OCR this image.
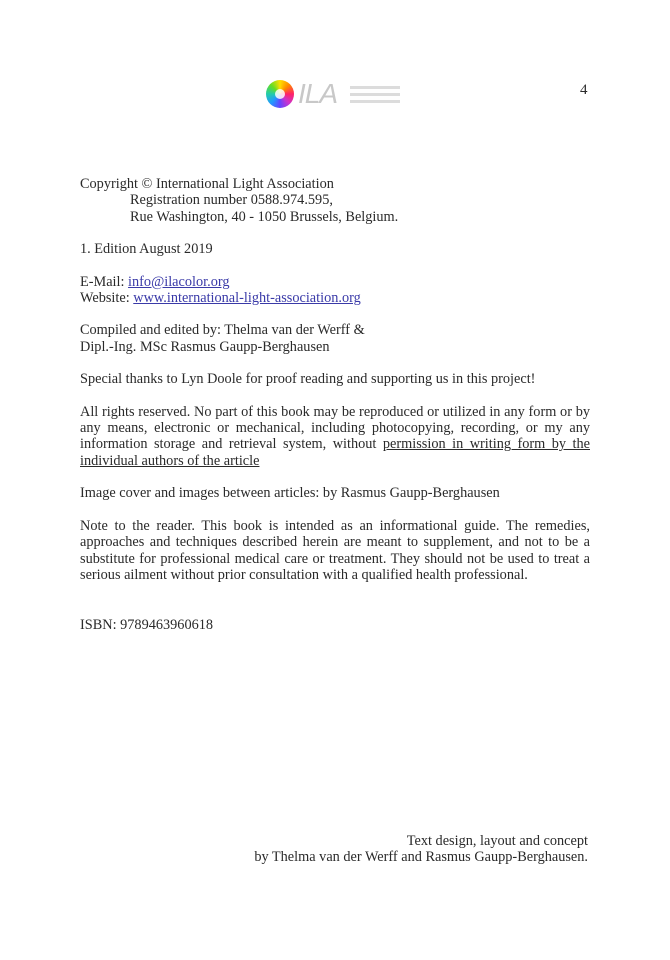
ILA	4
Copyright © International Light Association
Registration number 0588.974.595,
Rue Washington, 40 - 1050 Brussels, Belgium.
1. Edition August 2019
E-Mail: info@ilacolor.org
Website: www.international-light-association.org
Compiled and edited by: Thelma van der Werff &
Dipl.-Ing. MSc Rasmus Gaupp-Berghausen
Special thanks to Lyn Doole for proof reading and supporting us in this project!
All rights reserved. No part of this book may be reproduced or utilized in any form or by any means, electronic or mechanical, including photocopying, recording, or my any information storage and retrieval system, without permission in writing form by the individual authors of the article
Image cover and images between articles: by Rasmus Gaupp-Berghausen
Note to the reader. This book is intended as an informational guide. The remedies, approaches and techniques described herein are meant to supplement, and not to be a substitute for professional medical care or treatment. They should not be used to treat a serious ailment without prior consultation with a qualified health professional.
ISBN: 9789463960618
Text design, layout and concept
by Thelma van der Werff and Rasmus Gaupp-Berghausen.
